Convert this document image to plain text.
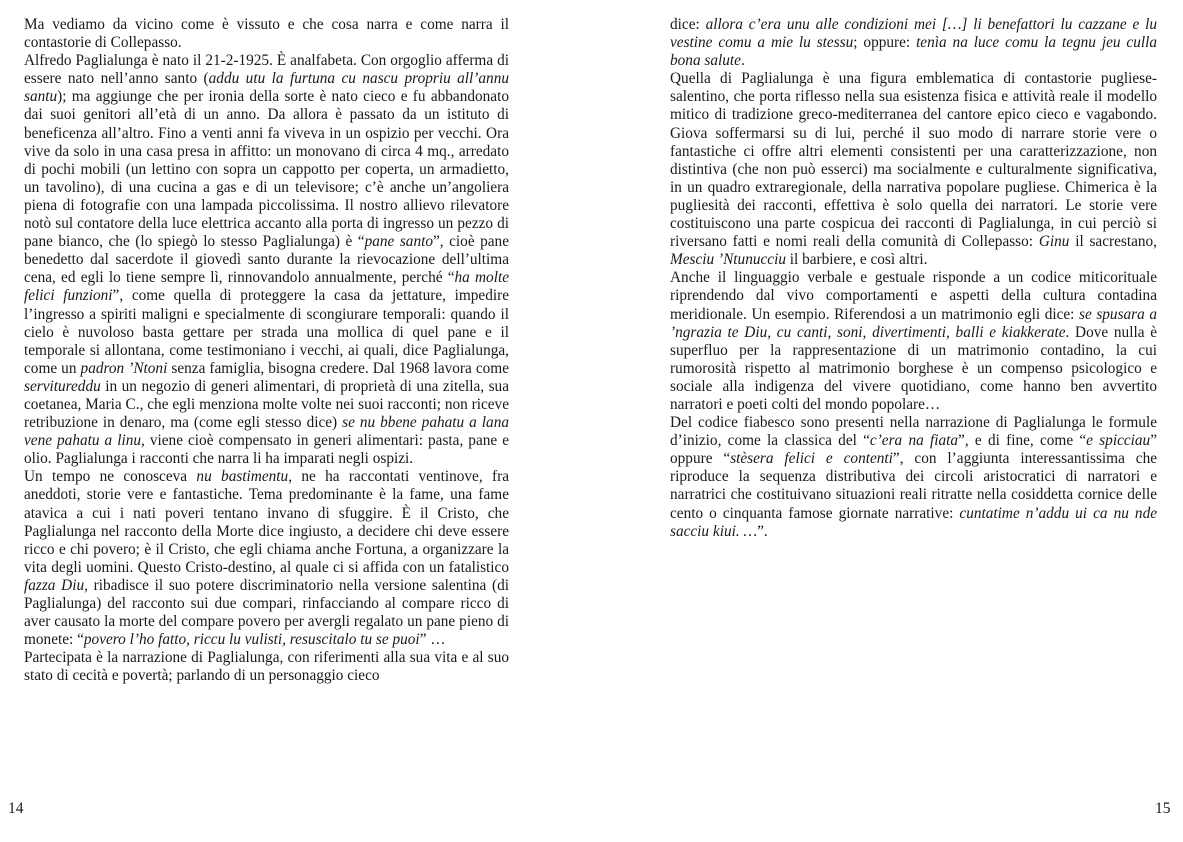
Ma vediamo da vicino come è vissuto e che cosa narra e come narra il contastorie di Collepasso.

Alfredo Paglialunga è nato il 21-2-1925. È analfabeta. Con orgoglio afferma di essere nato nell’anno santo (addu utu la furtuna cu nascu propriu all’annu santu); ma aggiunge che per ironia della sorte è nato cieco e fu abbandonato dai suoi genitori all’età di un anno. Da allora è passato da un istituto di beneficenza all’altro. Fino a venti anni fa viveva in un ospizio per vecchi. Ora vive da solo in una casa presa in affitto: un monovano di circa 4 mq., arredato di pochi mobili (un lettino con sopra un cappotto per coperta, un armadietto, un tavolino), di una cucina a gas e di un televisore; c’è anche un’angoliera piena di fotografie con una lampada piccolissima. Il nostro allievo rilevatore notò sul contatore della luce elettrica accanto alla porta di ingresso un pezzo di pane bianco, che (lo spiegò lo stesso Paglialunga) è “pane santo”, cioè pane benedetto dal sacerdote il giovedì santo durante la rievocazione dell’ultima cena, ed egli lo tiene sempre lì, rinnovandolo annualmente, perché “ha molte felici funzioni”, come quella di proteggere la casa da jettature, impedire l’ingresso a spiriti maligni e specialmente di scongiurare temporali: quando il cielo è nuvoloso basta gettare per strada una mollica di quel pane e il temporale si allontana, come testimoniano i vecchi, ai quali, dice Paglialunga, come un padron ’Ntoni senza famiglia, bisogna credere. Dal 1968 lavora come servitureddu in un negozio di generi alimentari, di proprietà di una zitella, sua coetanea, Maria C., che egli menziona molte volte nei suoi racconti; non riceve retribuzione in denaro, ma (come egli stesso dice) se nu bbene pahatu a lana vene pahatu a linu, viene cioè compensato in generi alimentari: pasta, pane e olio. Paglialunga i racconti che narra li ha imparati negli ospizi.

Un tempo ne conosceva nu bastimentu, ne ha raccontati ventinove, fra aneddoti, storie vere e fantastiche. Tema predominante è la fame, una fame atavica a cui i nati poveri tentano invano di sfuggire. È il Cristo, che Paglialunga nel racconto della Morte dice ingiusto, a decidere chi deve essere ricco e chi povero; è il Cristo, che egli chiama anche Fortuna, a organizzare la vita degli uomini. Questo Cristo-destino, al quale ci si affida con un fatalistico fazza Diu, ribadisce il suo potere discriminatorio nella versione salentina (di Paglialunga) del racconto sui due compari, rinfacciando al compare ricco di aver causato la morte del compare povero per avergli regalato un pane pieno di monete: “povero l’ho fatto, riccu lu vulisti, resuscitalo tu se puoi” …

Partecipata è la narrazione di Paglialunga, con riferimenti alla sua vita e al suo stato di cecità e povertà; parlando di un personaggio cieco

dice: allora c’era unu alle condizioni mei […] li benefattori lu cazzane e lu vestine comu a mie lu stessu; oppure: tenìa na luce comu la tegnu jeu culla bona salute.

Quella di Paglialunga è una figura emblematica di contastorie pugliese-salentino, che porta riflesso nella sua esistenza fisica e attività reale il modello mitico di tradizione greco-mediterranea del cantore epico cieco e vagabondo. Giova soffermarsi su di lui, perché il suo modo di narrare storie vere o fantastiche ci offre altri elementi consistenti per una caratterizzazione, non distintiva (che non può esserci) ma socialmente e culturalmente significativa, in un quadro extraregionale, della narrativa popolare pugliese. Chimerica è la pugliesità dei racconti, effettiva è solo quella dei narratori. Le storie vere costituiscono una parte cospicua dei racconti di Paglialunga, in cui perciò si riversano fatti e nomi reali della comunità di Collepasso: Ginu il sacrestano, Mesciu ’Ntunucciu il barbiere, e così altri.

Anche il linguaggio verbale e gestuale risponde a un codice miticorituale riprendendo dal vivo comportamenti e aspetti della cultura contadina meridionale. Un esempio. Riferendosi a un matrimonio egli dice: se spusara a ’ngrazia te Diu, cu canti, soni, divertimenti, balli e kiakkerate. Dove nulla è superfluo per la rappresentazione di un matrimonio contadino, la cui rumorosità rispetto al matrimonio borghese è un compenso psicologico e sociale alla indigenza del vivere quotidiano, come hanno ben avvertito narratori e poeti colti del mondo popolare…

Del codice fiabesco sono presenti nella narrazione di Paglialunga le formule d’inizio, come la classica del “c’era na fiata”, e di fine, come “e spicciau” oppure “stèsera felici e contenti”, con l’aggiunta interessantissima che riproduce la sequenza distributiva dei circoli aristocratici di narratori e narratrici che costituivano situazioni reali ritratte nella cosiddetta cornice delle cento o cinquanta famose giornate narrative: cuntatime n’addu ui ca nu nde sacciu kiui. …”.

14	15
